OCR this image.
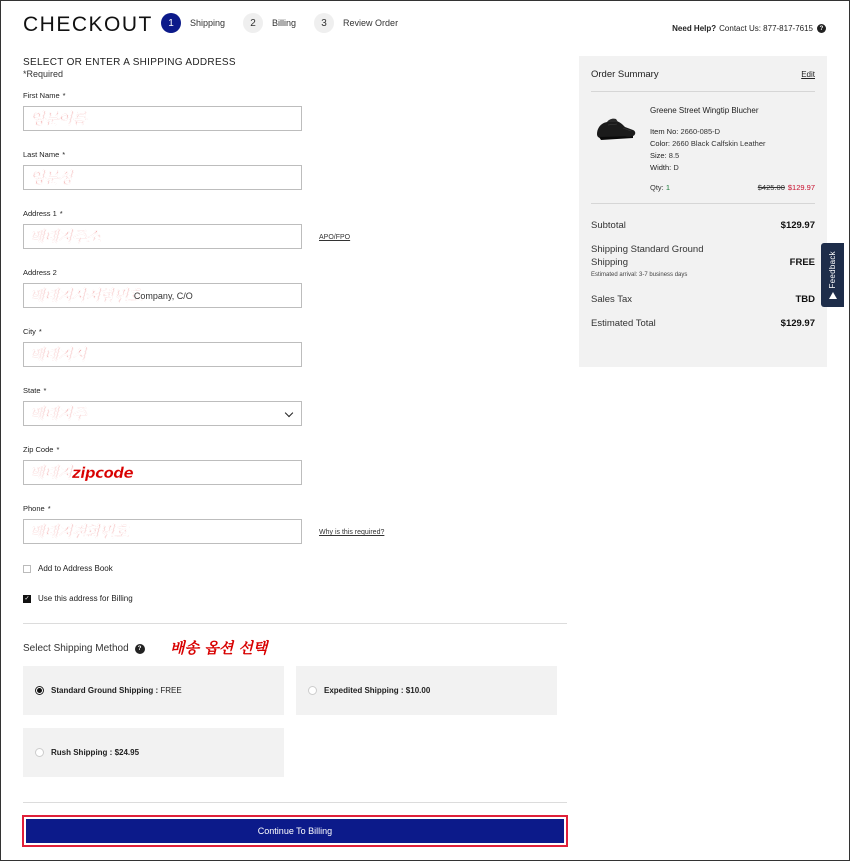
CHECKOUT	1	Shipping	2	Billing	3	Review Order
Need Help? Contact Us: 877-817-7615	?
SELECT OR ENTER A SHIPPING ADDRESS
*Required
First Name *
영문이름
Last Name *
영문성
Address 1 *
배대지주소	APO/FPO
Address 2
배대지사서함번호
Company, C/O
City *
배대지시
State *
배대지주
Zip Code *
배대지zipcode
Phone *
배대지전화번호	Why is this required?
Add to Address Book
✓ Use this address for Billing
Select Shipping Method	? 배송 옵션 선택
Standard Ground Shipping :
FREE	Expedited Shipping :
$10.00
Rush Shipping :
$24.95
Continue To Billing
Order Summary	Edit
Greene Street Wingtip Blucher
Item No: 2660-085-D
Color: 2660 Black Calfskin Leather
Size: 8.5
Width: D
Qty: 1	$425.00 $129.97
Subtotal	$129.97
Shipping Standard Ground
Shipping	FREE
Estimated arrival: 3-7 business days
Sales Tax	TBD
Estimated Total	$129.97
Feedback
